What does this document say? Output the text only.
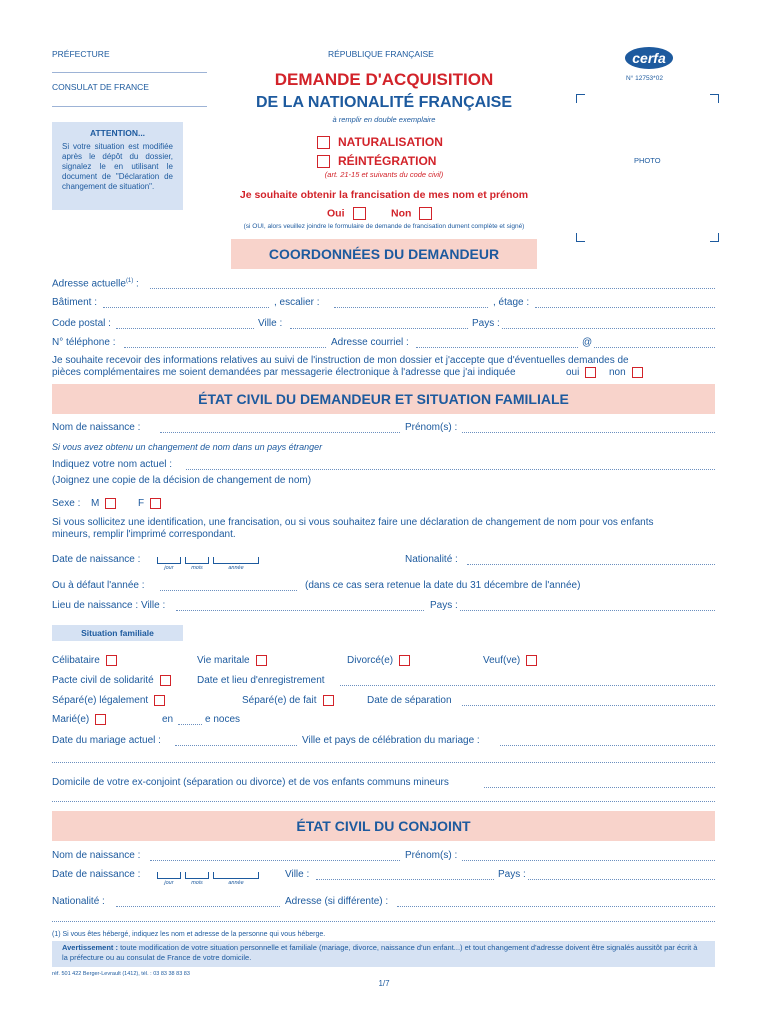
PRÉFECTURE
CONSULAT DE FRANCE
ATTENTION...
Si votre situation est modifiée après le dépôt du dossier, signalez le en utilisant le document de "Déclaration de changement de situation".
RÉPUBLIQUE FRANÇAISE
DEMANDE D'ACQUISITION
DE LA NATIONALITÉ FRANÇAISE
à remplir en double exemplaire
NATURALISATION
RÉINTÉGRATION
(art. 21-15 et suivants du code civil)
Je souhaite obtenir la francisation de mes nom et prénom
Oui	Non
(si OUI, alors veuillez joindre le formulaire de demande de francisation dument complète et signé)
cerfa
N° 12753*02
PHOTO
COORDONNÉES DU DEMANDEUR
Adresse actuelle$^{(1)}$ :
Bâtiment :	, escalier :	, étage :
Code postal :	Ville :	Pays :
N° téléphone :	Adresse courriel :	@
Je souhaite recevoir des informations relatives au suivi de l'instruction de mon dossier et j'accepte que d'éventuelles demandes de
pièces complémentaires me soient demandées par messagerie électronique à l'adresse que j'ai indiquée	oui	non
ÉTAT CIVIL DU DEMANDEUR ET SITUATION FAMILIALE
Nom de naissance :	Prénom(s) :
Si vous avez obtenu un changement de nom dans un pays étranger
Indiquez votre nom actuel :
(Joignez une copie de la décision de changement de nom)
Sexe : M	F
Si vous sollicitez une identification, une francisation, ou si vous souhaitez faire une déclaration de changement de nom pour vos enfants
mineurs, remplir l'imprimé correspondant.
Date de naissance :
jour	mois	année
Nationalité :
Ou à défaut l'année :	(dans ce cas sera retenue la date du 31 décembre de l'année)
Lieu de naissance : Ville :	Pays :
Situation familiale
Célibataire	Vie maritale	Divorcé(e)	Veuf(ve)
Pacte civil de solidarité	Date et lieu d'enregistrement
Séparé(e) légalement	Séparé(e) de fait	Date de séparation
Marié(e)	en	e noces
Date du mariage actuel :	Ville et pays de célébration du mariage :
Domicile de votre ex-conjoint (séparation ou divorce) et de vos enfants communs mineurs
ÉTAT CIVIL DU CONJOINT
Nom de naissance :	Prénom(s) :
Date de naissance :
jour	mois	année
Ville :	Pays :
Nationalité :	Adresse (si différente) :
(1) Si vous êtes hébergé, indiquez les nom et adresse de la personne qui vous héberge.
Avertissement : toute modification de votre situation personnelle et familiale (mariage, divorce, naissance d'un enfant...) et tout changement d'adresse doivent être signalés aussitôt par écrit à la préfecture ou au consulat de France de votre domicile.
réf. 501 422 Berger-Levrault (1412), tél. : 03 83 38 83 83
1/7
